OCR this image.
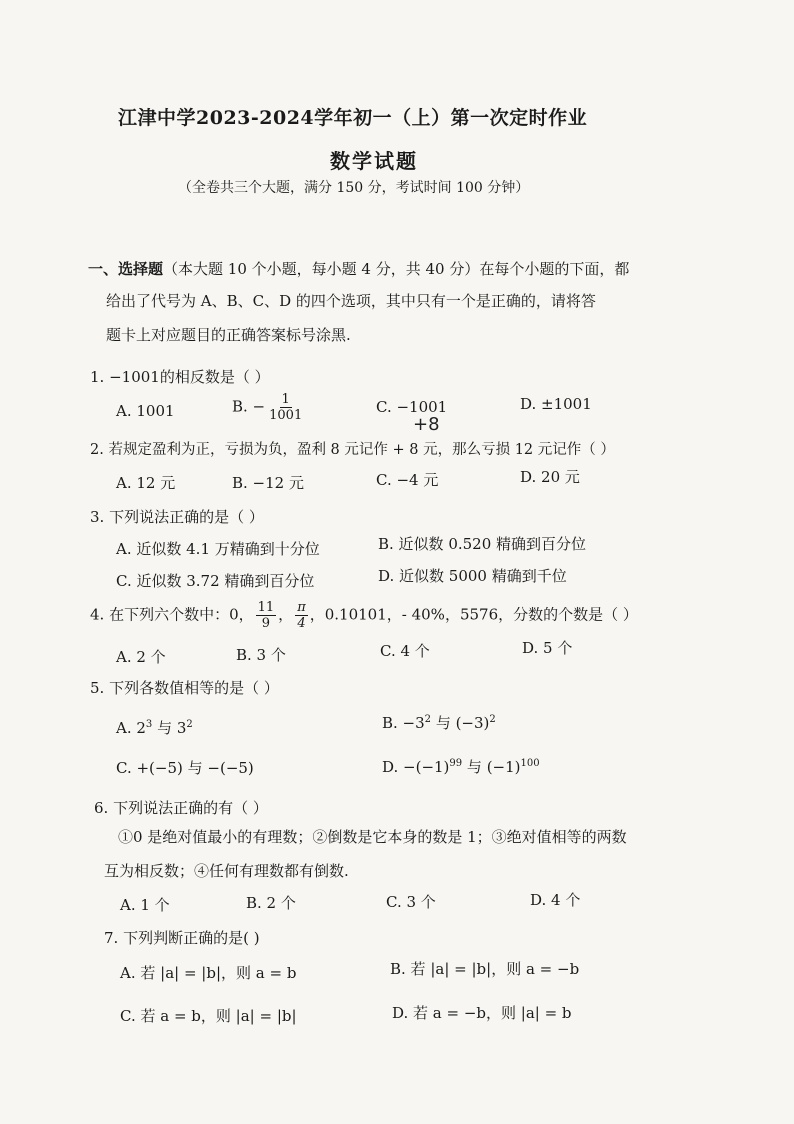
江津中学2023-2024学年初一（上）第一次定时作业
数学试题
（全卷共三个大题，满分 150 分，考试时间 100 分钟）
一、选择题（本大题 10 个小题，每小题 4 分，共 40 分）在每个小题的下面，都
给出了代号为 A、B、C、D 的四个选项，其中只有一个是正确的，请将答
题卡上对应题目的正确答案标号涂黑.
1. −1001的相反数是（ ）
A. 1001	B. − $\frac{1}{1001}$	C. −1001	D. ±1001
+8
2. 若规定盈利为正，亏损为负，盈利 8 元记作 + 8 元，那么亏损 12 元记作（ ）
A. 12 元	B. −12 元	C. −4 元	D. 20 元
3. 下列说法正确的是（ ）
A. 近似数 4.1 万精确到十分位	B. 近似数 0.520 精确到百分位
C. 近似数 3.72 精确到百分位	D. 近似数 5000 精确到千位
4. 在下列六个数中：0， $\frac{11}{9}$ ， $\frac{\pi}{4}$ ，0.10101，- 40%，5576，分数的个数是（ ）
A. 2 个	B. 3 个	C. 4 个	D. 5 个
5. 下列各数值相等的是（ ）
A. $2^3$ 与 $3^2$	B. $-3^2$ 与 $(-3)^2$
C. +(−5) 与 −(−5)	D. $-(-1)^{99}$ 与 $(-1)^{100}$
6. 下列说法正确的有（ ）
①0 是绝对值最小的有理数；②倒数是它本身的数是 1；③绝对值相等的两数
互为相反数；④任何有理数都有倒数.
A. 1 个	B. 2 个	C. 3 个	D. 4 个
7. 下列判断正确的是( )
A. 若 |a| = |b|，则 a = b	B. 若 |a| = |b|，则 a = −b
C. 若 a = b，则 |a| = |b|	D. 若 a = −b，则 |a| = b
